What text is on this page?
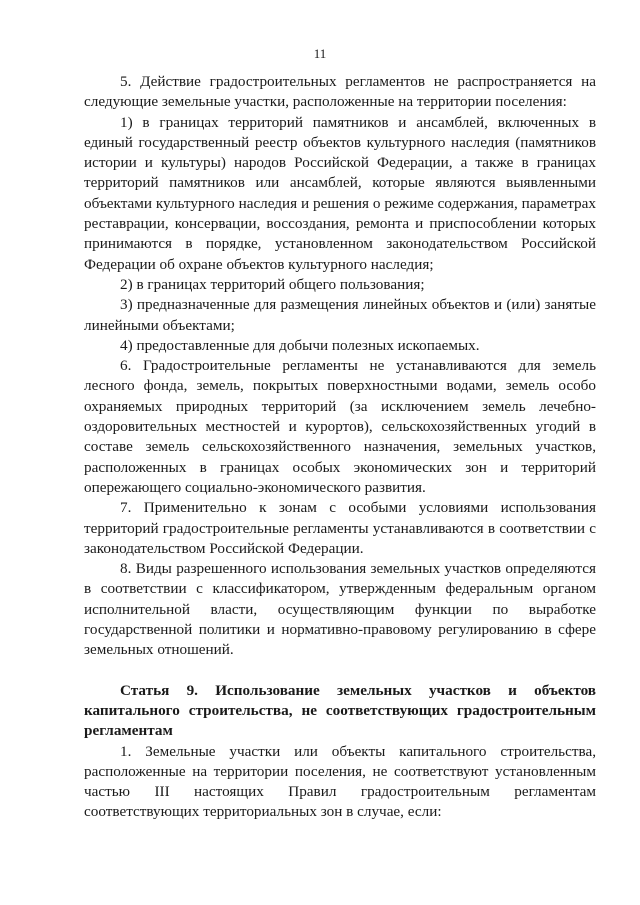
11

5. Действие градостроительных регламентов не распространяется на следующие земельные участки, расположенные на территории поселения:

1) в границах территорий памятников и ансамблей, включенных в единый государственный реестр объектов культурного наследия (памятников истории и культуры) народов Российской Федерации, а также в границах территорий памятников или ансамблей, которые являются выявленными объектами культурного наследия и решения о режиме содержания, параметрах реставрации, консервации, воссоздания, ремонта и приспособлении которых принимаются в порядке, установленном законодательством Российской Федерации об охране объектов культурного наследия;

2) в границах территорий общего пользования;

3) предназначенные для размещения линейных объектов и (или) занятые линейными объектами;

4) предоставленные для добычи полезных ископаемых.

6. Градостроительные регламенты не устанавливаются для земель лесного фонда, земель, покрытых поверхностными водами, земель особо охраняемых природных территорий (за исключением земель лечебно-оздоровительных местностей и курортов), сельскохозяйственных угодий в составе земель сельскохозяйственного назначения, земельных участков, расположенных в границах особых экономических зон и территорий опережающего социально-экономического развития.

7. Применительно к зонам с особыми условиями использования территорий градостроительные регламенты устанавливаются в соответствии с законодательством Российской Федерации.

8. Виды разрешенного использования земельных участков определяются в соответствии с классификатором, утвержденным федеральным органом исполнительной власти, осуществляющим функции по выработке государственной политики и нормативно-правовому регулированию в сфере земельных отношений.

Статья 9. Использование земельных участков и объектов капитального строительства, не соответствующих градостроительным регламентам

1. Земельные участки или объекты капитального строительства, расположенные на территории поселения, не соответствуют установленным частью III настоящих Правил градостроительным регламентам соответствующих территориальных зон в случае, если:
